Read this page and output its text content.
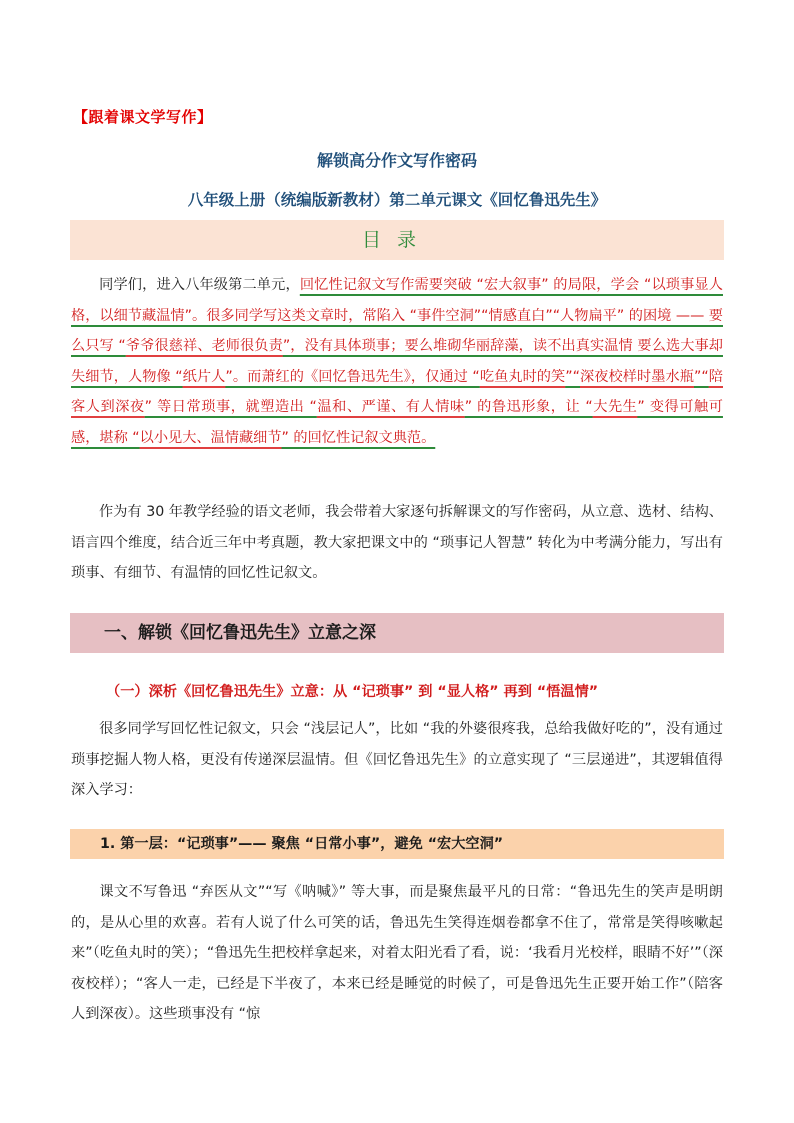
【跟着课文学写作】
解锁高分作文写作密码
八年级上册（统编版新教材）第二单元课文《回忆鲁迅先生》
目录
同学们，进入八年级第二单元，回忆性记叙文写作需要突破 “宏大叙事” 的局限，学会 “以琐事显人格，以细节藏温情”。很多同学写这类文章时，常陷入 “事件空洞”“情感直白”“人物扁平” 的困境 —— 要么只写 “爷爷很慈祥、老师很负责”，没有具体琐事；要么堆砌华丽辞藻，读不出真实温情 要么选大事却失细节，人物像 “纸片人”。而萧红的《回忆鲁迅先生》，仅通过 “吃鱼丸时的笑”“深夜校样时墨水瓶”“陪客人到深夜” 等日常琐事，就塑造出 “温和、严谨、有人情味” 的鲁迅形象，让 “大先生” 变得可触可感，堪称 “以小见大、温情藏细节” 的回忆性记叙文典范。
作为有 30 年教学经验的语文老师，我会带着大家逐句拆解课文的写作密码，从立意、选材、结构、语言四个维度，结合近三年中考真题，教大家把课文中的 “琐事记人智慧” 转化为中考满分能力，写出有琐事、有细节、有温情的回忆性记叙文。
一、解锁《回忆鲁迅先生》立意之深
（一）深析《回忆鲁迅先生》立意：从 “记琐事” 到 “显人格” 再到 “悟温情”
很多同学写回忆性记叙文，只会 “浅层记人”，比如 “我的外婆很疼我，总给我做好吃的”，没有通过琐事挖掘人物人格，更没有传递深层温情。但《回忆鲁迅先生》的立意实现了 “三层递进”，其逻辑值得深入学习：
1. 第一层：“记琐事”—— 聚焦 “日常小事”，避免 “宏大空洞”
课文不写鲁迅 “弃医从文”“写《呐喊》” 等大事，而是聚焦最平凡的日常：“鲁迅先生的笑声是明朗的，是从心里的欢喜。若有人说了什么可笑的话，鲁迅先生笑得连烟卷都拿不住了，常常是笑得咳嗽起来”（吃鱼丸时的笑）；“鲁迅先生把校样拿起来，对着太阳光看了看，说：‘我看月光校样，眼睛不好’”（深夜校样）；“客人一走，已经是下半夜了，本来已经是睡觉的时候了，可是鲁迅先生正要开始工作”（陪客人到深夜）。这些琐事没有 “惊
